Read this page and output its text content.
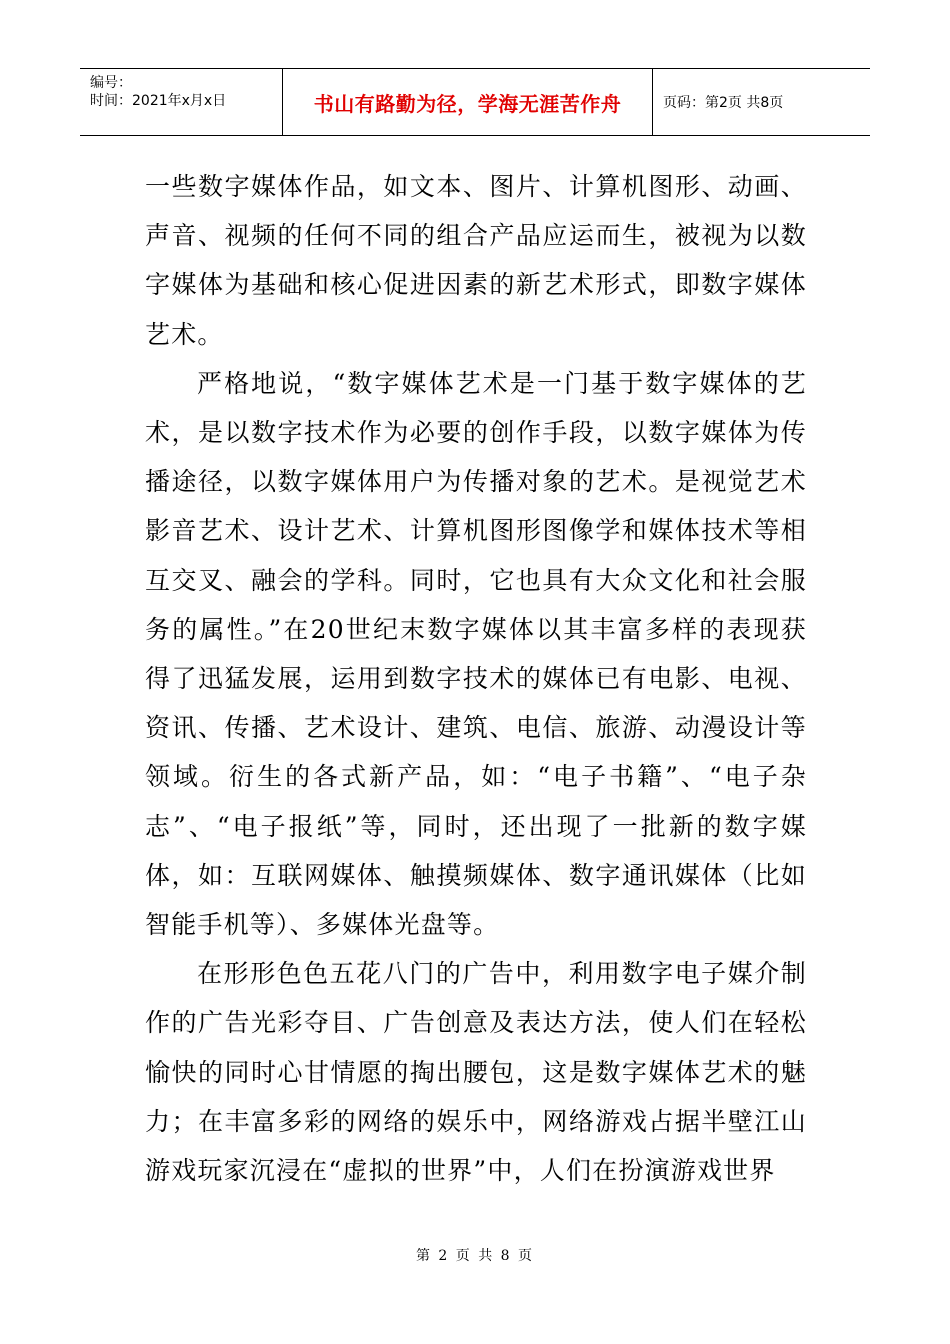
编号：
时间：2021年x月x日	书山有路勤为径，学海无涯苦作舟	页码：第2页 共8页

一些数字媒体作品，如文本、图片、计算机图形、动画、声音、视频的任何不同的组合产品应运而生，被视为以数字媒体为基础和核心促进因素的新艺术形式，即数字媒体艺术。

严格地说，“数字媒体艺术是一门基于数字媒体的艺术，是以数字技术作为必要的创作手段，以数字媒体为传播途径，以数字媒体用户为传播对象的艺术。是视觉艺术影音艺术、设计艺术、计算机图形图像学和媒体技术等相互交叉、融会的学科。同时，它也具有大众文化和社会服务的属性。”在20世纪末数字媒体以其丰富多样的表现获得了迅猛发展，运用到数字技术的媒体已有电影、电视、资讯、传播、艺术设计、建筑、电信、旅游、动漫设计等领域。衍生的各式新产品，如：“电子书籍”、“电子杂志”、“电子报纸”等，同时，还出现了一批新的数字媒体，如：互联网媒体、触摸频媒体、数字通讯媒体（比如智能手机等）、多媒体光盘等。

在形形色色五花八门的广告中，利用数字电子媒介制作的广告光彩夺目、广告创意及表达方法，使人们在轻松愉快的同时心甘情愿的掏出腰包，这是数字媒体艺术的魅力；在丰富多彩的网络的娱乐中，网络游戏占据半壁江山游戏玩家沉浸在“虚拟的世界”中，人们在扮演游戏世界

第 2 页 共 8 页
